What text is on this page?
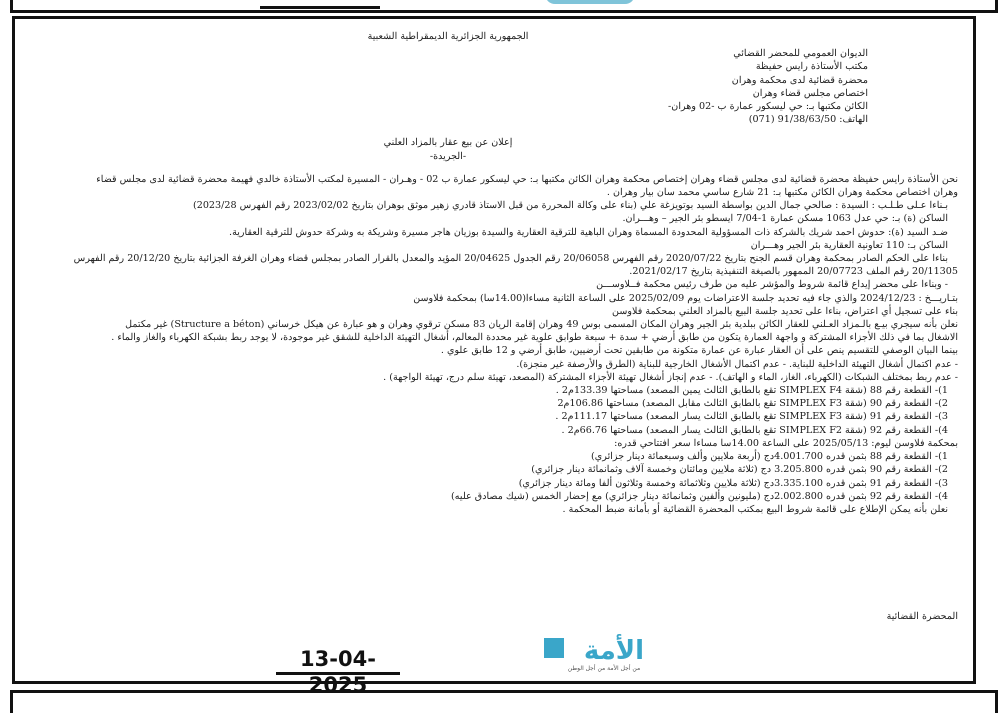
الجمهورية الجزائرية الديمقراطية الشعبية
الديوان العمومي للمحضر القضائي
مكتب الأستاذة رايس حفيظة
محضرة قضائية لدى محكمة وهران
اختصاص مجلس قضاء وهران
الكائن مكتبها بـ: حي ليسكور عمارة ب -02 وهران-
الهاتف: 91/38/63/50 (071)
إعلان عن بيع عقار بالمزاد العلني
-الجريدة-
نحن الأستاذة رايس حفيظة محضرة قضائية لدى مجلس قضاء وهران إختصاص محكمة وهران الكائن مكتبها بـ: حي ليسكور عمارة ب 02 - وهـران - المسيرة لمكتب الأستاذة خالدي فهيمة محضرة قضائية لدى مجلس قضاء
وهران اختصاص محكمة وهران الكائن مكتبها بـ: 21 شارع ساسي محمد سان بيار وهران .
بـناءا عـلى طـلـب : السيدة : صالحي جمال الدين بواسطة السيد بوتويزغة علي (بناء على وكالة المحررة من قبل الاستاذ قادري زهير موثق بوهران بتاريخ 2023/02/02 رقم الفهرس 2023/28)
الساكن (ة) بـ: حي عدل 1063 مسكن عمارة 1-7/04 ايسطو بئر الجير – وهـــران.
ضـد السيد (ة): حدوش احمد شريك بالشركة ذات المسؤولية المحدودة المسماة وهران الباهية للترقية العقارية والسيدة بوزيان هاجر مسيرة وشريكة به وشركة حدوش للترقية العقارية.
الساكن بـ: 110 تعاونية العقارية بئر الجير وهـــران
بناءا على الحكم الصادر بمحكمة وهران قسم الجنح بتاريخ 2020/07/22 رقم الفهرس 20/06058 رقم الجدول 20/04625 المؤيد والمعدل بالقرار الصادر بمجلس قضاء وهران الغرفة الجزائية بتاريخ 20/12/20 رقم الفهرس
20/11305 رقم الملف 20/07723 الممهور بالصيغة التنفيذية بتاريخ 2021/02/17.
- وبناءا على محضر إيداع قائمة شروط والمؤشر عليه من طرف رئيس محكمة فــلاوســـن
بتـاريـــخ : 2024/12/23 والذي جاء فيه تحديد جلسة الاعتراضات يوم 2025/02/09 على الساعة الثانية مساءا(14.00سا) بمحكمة فلاوسن
بناء على تسجيل أي اعتراض، بناءا على تحديد جلسة البيع بالمزاد العلني بمحكمة فلاوسن
نعلن بأنه سيجري بيـع بالـمزاد العـلني للعقار الكائن ببلدية بئر الجير وهران المكان المسمى بوس 49 وهران إقامة الريان 83 مسكن ترقوي وهران و هو عبارة عن هيكل خرساني (Structure a béton) غير مكتمل
الاشغال بما في ذلك الأجزاء المشتركة و واجهة العمارة يتكون من طابق أرضي + سدة + سبعة طوابق علوية غير محددة المعالم، أشغال التهيئة الداخلية للشقق غير موجودة، لا يوجد ربط بشبكة الكهرباء والغاز والماء .
بينما البيان الوصفي للتقسيم ينص على أن العقار عبارة عن عمارة متكونة من طابقين تحت أرضيين، طابق أرضي و 12 طابق علوي .
- عدم اكتمال أشغال التهيئة الداخلية للبناية. - عدم اكتمال الأشغال الخارجية للبناية (الطرق والأرصفة غير منجزة).
- عدم ربط بمختلف الشبكات (الكهرباء، الغاز، الماء و الهاتف). - عدم إنجاز أشغال تهيئة الأجزاء المشتركة (المصعد، تهيئة سلم درج، تهيئة الواجهة) .
1)- القطعة رقم 88 (شقة SIMPLEX F4 تقع بالطابق الثالث يمين المصعد) مساحتها 133.39م2 .
2)- القطعة رقم 90 (شقة SIMPLEX F3 تقع بالطابق الثالث مقابل المصعد) مساحتها 106.86م2
3)- القطعة رقم 91 (شقة SIMPLEX F3 تقع بالطابق الثالث يسار المصعد) مساحتها 111.17م2 .
4)- القطعة رقم 92 (شقة SIMPLEX F2 تقع بالطابق الثالث يسار المصعد) مساحتها 66.76م2 .
بمحكمة فلاوسن ليوم: 2025/05/13 على الساعة 14.00سا مساءا سعر افتتاحي قدره:
1)- القطعة رقم 88 بثمن قدره 4.001.700دج (أربعة ملايين وألف وسبعمائة دينار جزائري)
2)- القطعة رقم 90 بثمن قدره 3.205.800 دج (ثلاثة ملايين ومائتان وخمسة آلاف وثمانمائة دينار جزائري)
3)- القطعة رقم 91 بثمن قدره 3.335.100دج (ثلاثة ملايين وثلاثمائة وخمسة وثلاثون ألفا ومائة دينار جزائري)
4)- القطعة رقم 92 بثمن قدره 2.002.800دج (مليونين وألفين وثمانمائة دينار جزائري) مع إحضار الخمس (شيك مصادق عليه)
نعلن بأنه يمكن الإطلاع على قائمة شروط البيع بمكتب المحضرة القضائية أو بأمانة ضبط المحكمة .
المحضرة القضائية
13-04-2025
الأمة
من أجل الأمة من أجل الوطن
